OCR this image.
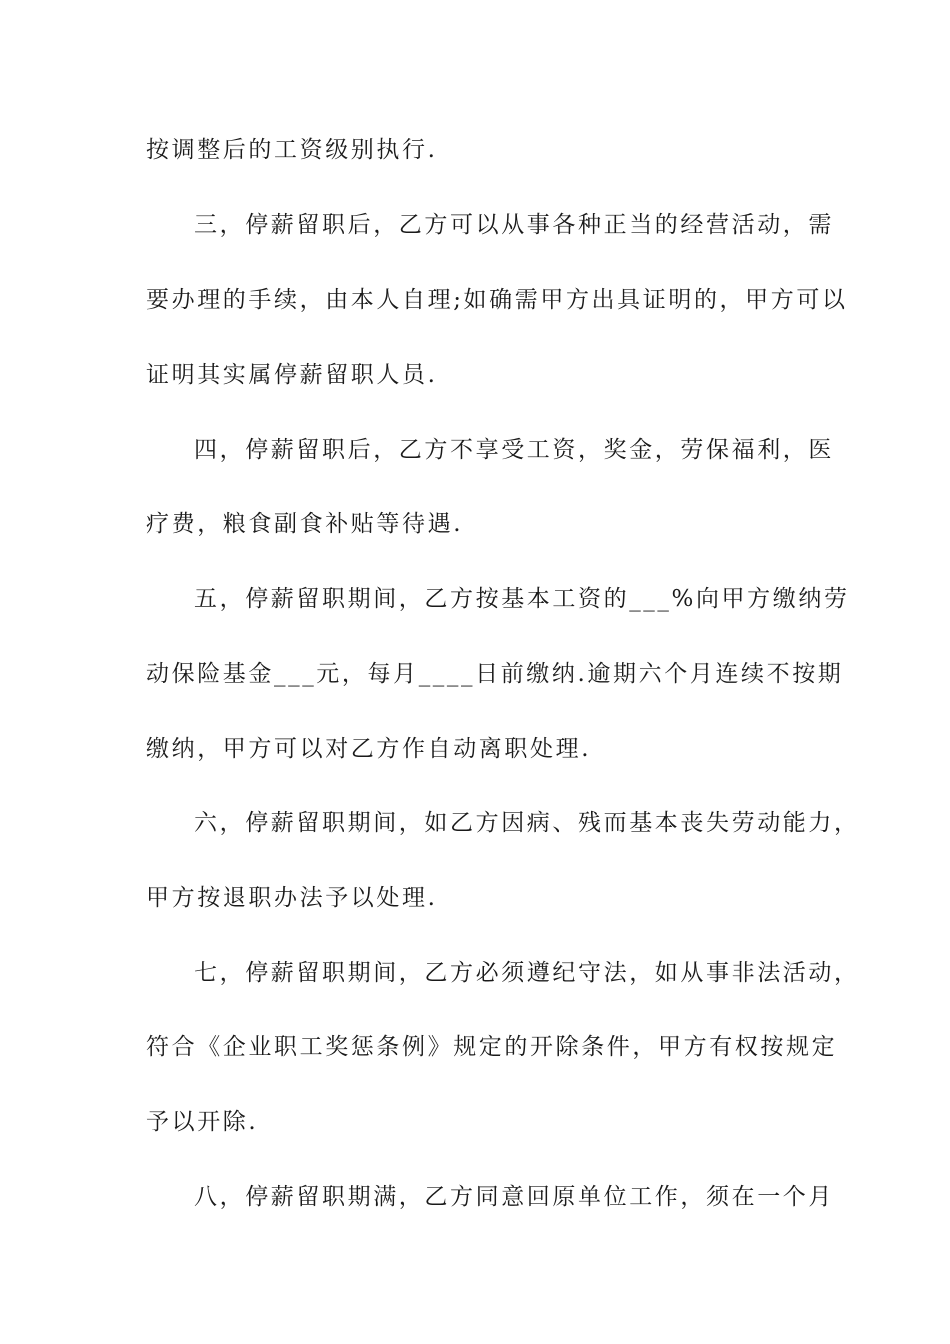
按调整后的工资级别执行.
三，停薪留职后，乙方可以从事各种正当的经营活动，需
要办理的手续，由本人自理;如确需甲方出具证明的，甲方可以
证明其实属停薪留职人员.
四，停薪留职后，乙方不享受工资，奖金，劳保福利，医
疗费，粮食副食补贴等待遇.
五，停薪留职期间，乙方按基本工资的___%向甲方缴纳劳
动保险基金___元，每月____日前缴纳.逾期六个月连续不按期
缴纳，甲方可以对乙方作自动离职处理.
六，停薪留职期间，如乙方因病、残而基本丧失劳动能力，
甲方按退职办法予以处理.
七，停薪留职期间，乙方必须遵纪守法，如从事非法活动，
符合《企业职工奖惩条例》规定的开除条件，甲方有权按规定
予以开除.
八，停薪留职期满，乙方同意回原单位工作，须在一个月
